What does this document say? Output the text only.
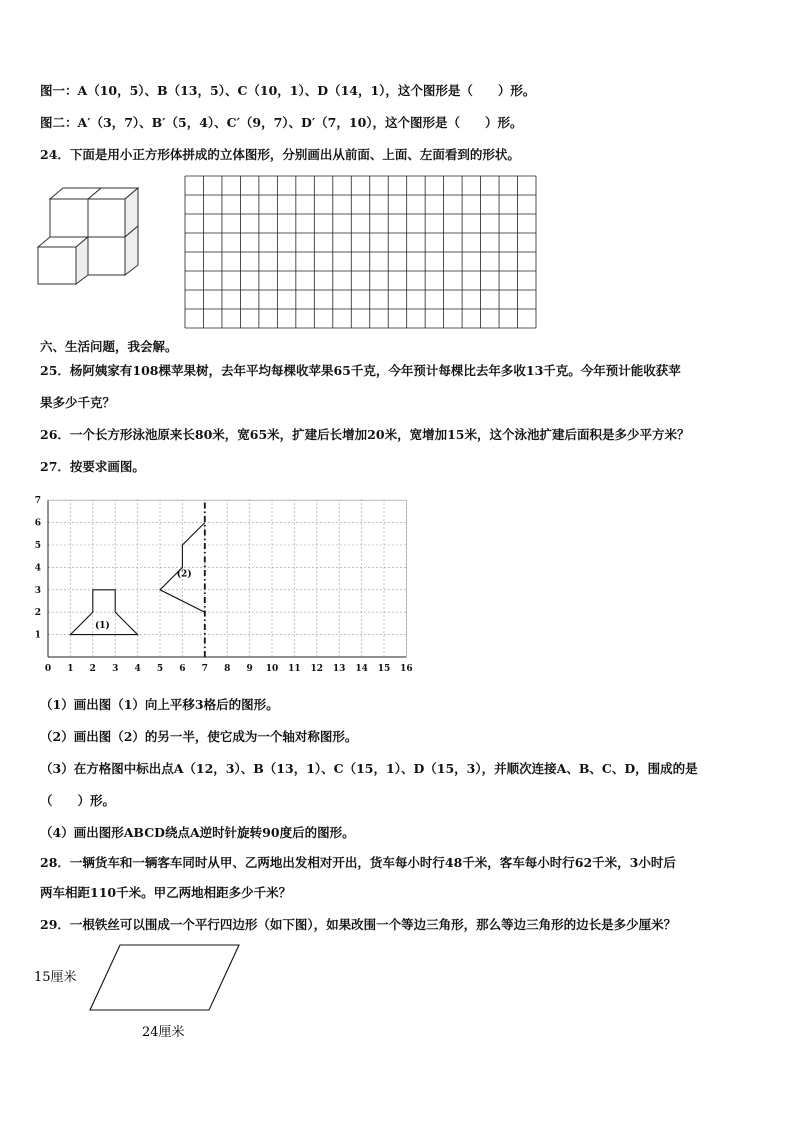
图一：A（10，5）、B（13，5）、C（10，1）、D（14，1），这个图形是（　　）形。
图二：A′（3，7）、B′（5，4）、C′（9，7）、D′（7，10），这个图形是（　　）形。
24．下面是用小正方形体拼成的立体图形，分别画出从前面、上面、左面看到的形状。
六、生活问题，我会解。
25．杨阿姨家有108棵苹果树，去年平均每棵收苹果65千克，今年预计每棵比去年多收13千克。今年预计能收获苹
果多少千克？
26．一个长方形泳池原来长80米，宽65米，扩建后长增加20米，宽增加15米，这个泳池扩建后面积是多少平方米？
27．按要求画图。
0 1 2 3 4 5 6 7 8 9 10 11 12 13 14 15 16
1
2
3
4
5
6
7
(1)
(2)
（1）画出图（1）向上平移3格后的图形。
（2）画出图（2）的另一半，使它成为一个轴对称图形。
（3）在方格图中标出点A（12，3）、B（13，1）、C（15，1）、D（15，3），并顺次连接A、B、C、D，围成的是
（　　）形。
（4）画出图形ABCD绕点A逆时针旋转90度后的图形。
28．一辆货车和一辆客车同时从甲、乙两地出发相对开出，货车每小时行48千米，客车每小时行62千米，3小时后
两车相距110千米。甲乙两地相距多少千米？
29．一根铁丝可以围成一个平行四边形（如下图），如果改围一个等边三角形，那么等边三角形的边长是多少厘米？
15厘米
24厘米
